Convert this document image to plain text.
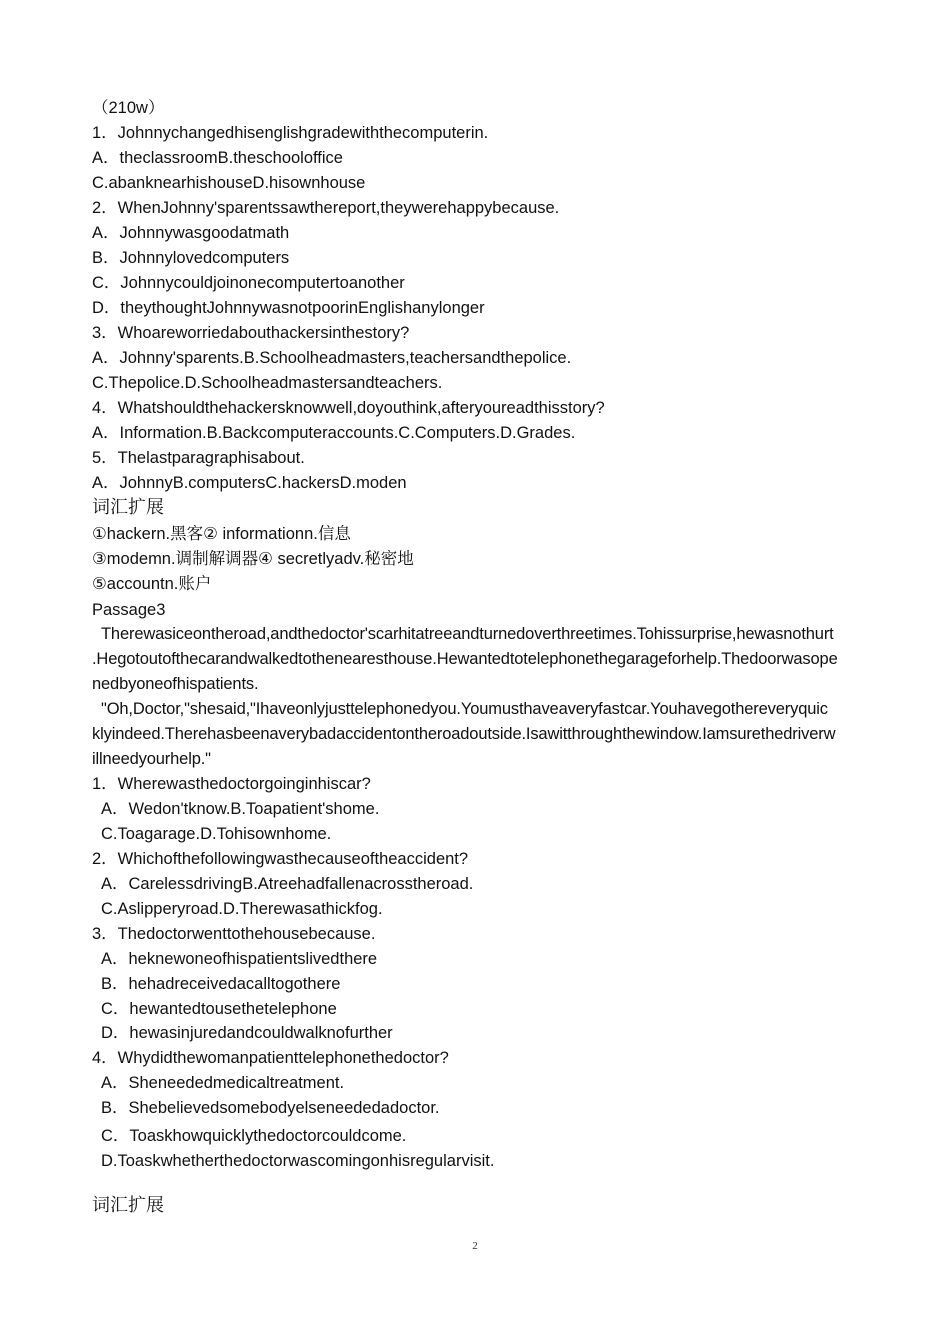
（210w）
1．Johnnychangedhisenglishgradewiththecomputerin.
A．theclassroomB.theschooloffice
C.abanknearhishouseD.hisownhouse
2．WhenJohnny'sparentssawthereport,theywerehappybecause.
A．Johnnywasgoodatmath
B．Johnnylovedcomputers
C．Johnnycouldjoinonecomputertoanother
D．theythoughtJohnnywasnotpoorinEnglishanylonger
3．Whoareworriedabouthackersinthestory?
A．Johnny'sparents.B.Schoolheadmasters,teachersandthepolice.
C.Thepolice.D.Schoolheadmastersandteachers.
4．Whatshouldthehackersknowwell,doyouthink,afteryoureadthisstory?
A．Information.B.Backcomputeraccounts.C.Computers.D.Grades.
5．Thelastparagraphisabout.
A．JohnnyB.computersC.hackersD.moden
词汇扩展
①hackern.黑客② informationn.信息
③modemn.调制解调器④ secretlyadv.秘密地
⑤accountn.账户
Passage3
Therewasiceontheroad,andthedoctor'scarhitatreeandturnedoverthreetimes.Tohissurprise,hewasnothurt
.Hegotoutofthecarandwalkedtothenearesthouse.Hewantedtotelephonethegarageforhelp.Thedoorwasope
nedbyoneofhispatients.
"Oh,Doctor,"shesaid,"Ihaveonlyjusttelephonedyou.Youmusthaveaveryfastcar.Youhavegothereveryquic
klyindeed.Therehasbeenaverybadaccidentontheroadoutside.Isawitthroughthewindow.Iamsurethedriverw
illneedyourhelp."
1．Wherewasthedoctorgoinginhiscar?
A．Wedon'tknow.B.Toapatient'shome.
C.Toagarage.D.Tohisownhome.
2．Whichofthefollowingwasthecauseoftheaccident?
A．CarelessdrivingB.Atreehadfallenacrosstheroad.
C.Aslipperyroad.D.Therewasathickfog.
3．Thedoctorwenttothehousebecause.
A．heknewoneofhispatientslivedthere
B．hehadreceivedacalltogothere
C．hewantedtousethetelephone
D．hewasinjuredandcouldwalknofurther
4．Whydidthewomanpatienttelephonethedoctor?
A．Sheneededmedicaltreatment.
B．Shebelievedsomebodyelseneededadoctor.
C．Toaskhowquicklythedoctorcouldcome.
D.Toaskwhetherthedoctorwascomingonhisregularvisit.
词汇扩展
2
